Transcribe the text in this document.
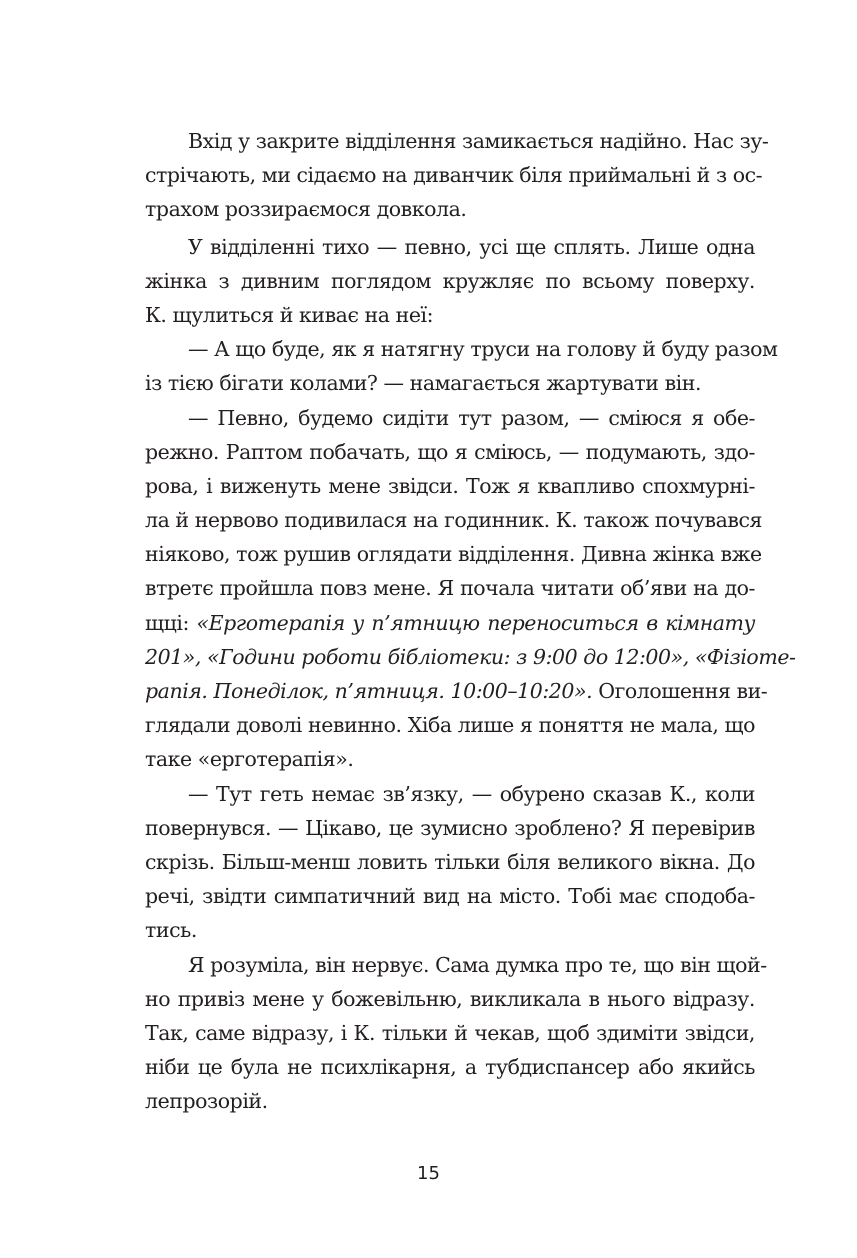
Вхід у закрите відділення замикається надійно. Нас зу-
стрічають, ми сідаємо на диванчик біля приймальні й з ос-
трахом роззираємося довкола.
У відділенні тихо — певно, усі ще сплять. Лише одна
жінка з дивним поглядом кружляє по всьому поверху.
К. щулиться й киває на неї:
— А що буде, як я натягну труси на голову й буду разом
із тією бігати колами? — намагається жартувати він.
— Певно, будемо сидіти тут разом, — сміюся я обе-
режно. Раптом побачать, що я сміюсь, — подумають, здо-
рова, і виженуть мене звідси. Тож я квапливо спохмурні-
ла й нервово подивилася на годинник. К. також почувався
ніяково, тож рушив оглядати відділення. Дивна жінка вже
втретє пройшла повз мене. Я почала читати об’яви на до-
щці: «Ерготерапія у п’ятницю переноситься в кімнату
201», «Години роботи бібліотеки: з 9:00 до 12:00», «Фізіоте-
рапія. Понеділок, п’ятниця. 10:00–10:20». Оголошення ви-
глядали доволі невинно. Хіба лише я поняття не мала, що
таке «ерготерапія».
— Тут геть немає зв’язку, — обурено сказав К., коли
повернувся. — Цікаво, це зумисно зроблено? Я перевірив
скрізь. Більш-менш ловить тільки біля великого вікна. До
речі, звідти симпатичний вид на місто. Тобі має сподоба-
тись.
Я розуміла, він нервує. Сама думка про те, що він щой-
но привіз мене у божевільню, викликала в нього відразу.
Так, саме відразу, і К. тільки й чекав, щоб здиміти звідси,
ніби це була не психлікарня, а тубдиспансер або якийсь
лепрозорій.
15
